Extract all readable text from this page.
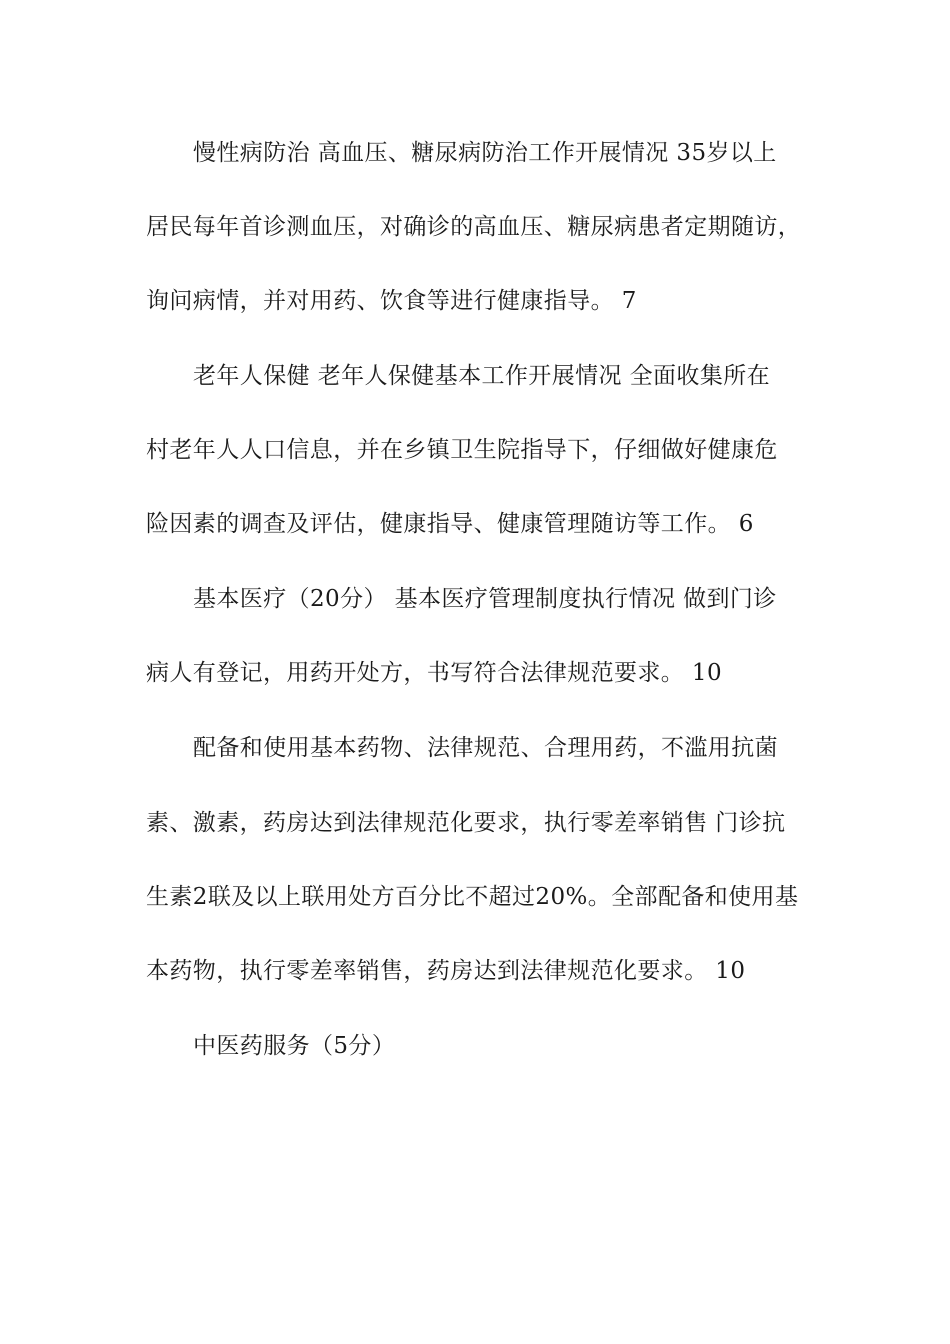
慢性病防治 高血压、糖尿病防治工作开展情况 35岁以上
居民每年首诊测血压，对确诊的高血压、糖尿病患者定期随访，
询问病情，并对用药、饮食等进行健康指导。 7
老年人保健 老年人保健基本工作开展情况 全面收集所在
村老年人人口信息，并在乡镇卫生院指导下，仔细做好健康危
险因素的调查及评估，健康指导、健康管理随访等工作。 6
基本医疗（20分） 基本医疗管理制度执行情况 做到门诊
病人有登记，用药开处方，书写符合法律规范要求。 10
配备和使用基本药物、法律规范、合理用药，不滥用抗菌
素、激素，药房达到法律规范化要求，执行零差率销售 门诊抗
生素2联及以上联用处方百分比不超过20%。全部配备和使用基
本药物，执行零差率销售，药房达到法律规范化要求。 10
中医药服务（5分）
